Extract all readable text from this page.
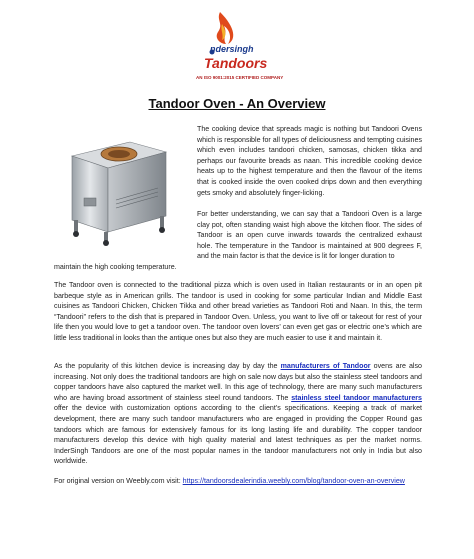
ndersingh
Tandoors
AN ISO 9001:2015 CERTIFIED COMPANY
Tandoor Oven - An Overview

The cooking device that spreads magic is nothing but Tandoori Ovens which is responsible for all types of deliciousness and tempting cuisines which even includes tandoori chicken, samosas, chicken tikka and perhaps our favourite breads as naan. This incredible cooking device heats up to the highest temperature and then the flavour of the items that is cooked inside the oven cooked drips down and then everything gets smoky and absolutely finger-licking.

For better understanding, we can say that a Tandoori Oven is a large clay pot, often standing waist high above the kitchen floor. The sides of Tandoor is an open curve inwards towards the centralized exhaust hole. The temperature in the Tandoor is maintained at 900 degrees F, and the main factor is that the device is lit for longer duration to

maintain the high cooking temperature.

The Tandoor oven is connected to the traditional pizza which is oven used in Italian restaurants or in an open pit barbeque style as in American grills. The tandoor is used in cooking for some particular Indian and Middle East cuisines as Tandoori Chicken, Chicken Tikka and other bread varieties as Tandoori Roti and Naan. In this, the term “Tandoori” refers to the dish that is prepared in Tandoor Oven. Unless, you want to live off or takeout for rest of your life then you would love to get a tandoor oven. The tandoor oven lovers’ can even get gas or electric one’s which are little less traditional in looks than the antique ones but also they are much easier to use it and maintain it.

As the popularity of this kitchen device is increasing day by day the manufacturers of Tandoor ovens are also increasing. Not only does the traditional tandoors are high on sale now days but also the stainless steel tandoors and copper tandoors have also captured the market well. In this age of technology, there are many such manufacturers who are having broad assortment of stainless steel round tandoors. The stainless steel tandoor manufacturers offer the device with customization options according to the client’s specifications. Keeping a track of market development, there are many such tandoor manufacturers who are engaged in providing the Copper Round gas tandoors which are famous for extensively famous for its long lasting life and durability. The copper tandoor manufacturers develop this device with high quality material and latest techniques as per the market norms. InderSingh Tandoors are one of the most popular names in the tandoor manufacturers not only in India but also worldwide.

For original version on Weebly.com visit: https://tandoorsdealerindia.weebly.com/blog/tandoor-oven-an-overview
